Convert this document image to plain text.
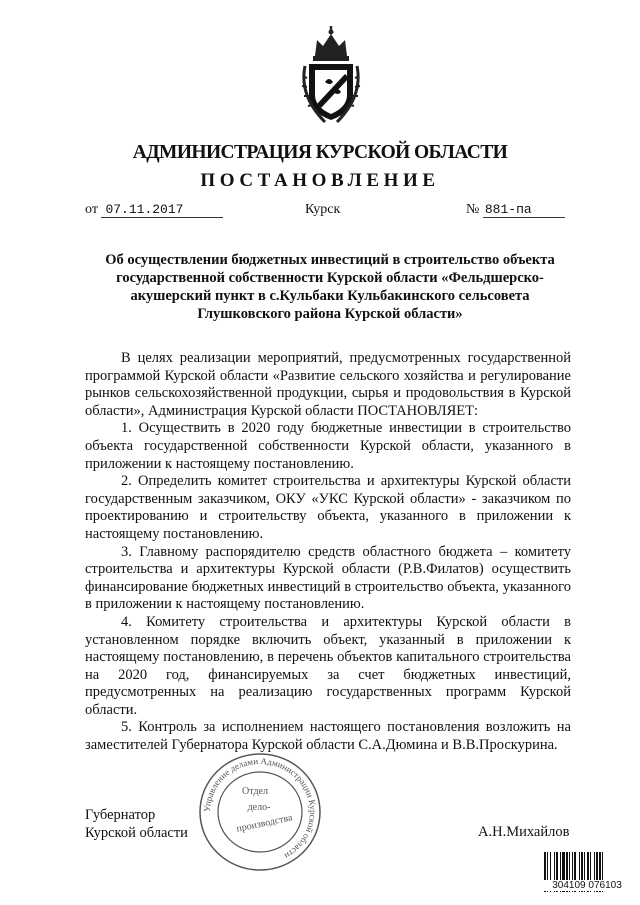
АДМИНИСТРАЦИЯ КУРСКОЙ ОБЛАСТИ
ПОСТАНОВЛЕНИЕ
от 07.11.2017	Курск	№ 881-па
Об осуществлении бюджетных инвестиций в строительство объекта государственной собственности Курской области «Фельдшерско-акушерский пункт в с.Кульбаки Кульбакинского сельсовета Глушковского района Курской области»

В целях реализации мероприятий, предусмотренных государственной программой Курской области «Развитие сельского хозяйства и регулирование рынков сельскохозяйственной продукции, сырья и продовольствия в Курской области», Администрация Курской области ПОСТАНОВЛЯЕТ:

1. Осуществить в 2020 году бюджетные инвестиции в строительство объекта государственной собственности Курской области, указанного в приложении к настоящему постановлению.

2. Определить комитет строительства и архитектуры Курской области государственным заказчиком, ОКУ «УКС Курской области» - заказчиком по проектированию и строительству объекта, указанного в приложении к настоящему постановлению.

3. Главному распорядителю средств областного бюджета – комитету строительства и архитектуры Курской области (Р.В.Филатов) осуществить финансирование бюджетных инвестиций в строительство объекта, указанного в приложении к настоящему постановлению.

4. Комитету строительства и архитектуры Курской области в установленном порядке включить объект, указанный в приложении к настоящему постановлению, в перечень объектов капитального строительства на 2020 год, финансируемых за счет бюджетных инвестиций, предусмотренных на реализацию государственных программ Курской области.

5. Контроль за исполнением настоящего постановления возложить на заместителей Губернатора Курской области С.А.Дюмина и В.В.Проскурина.

Управление делами Администрации Курской области
Отдел
дело-
производства
Губернатор
Курской области	А.Н.Михайлов
304109 076103
